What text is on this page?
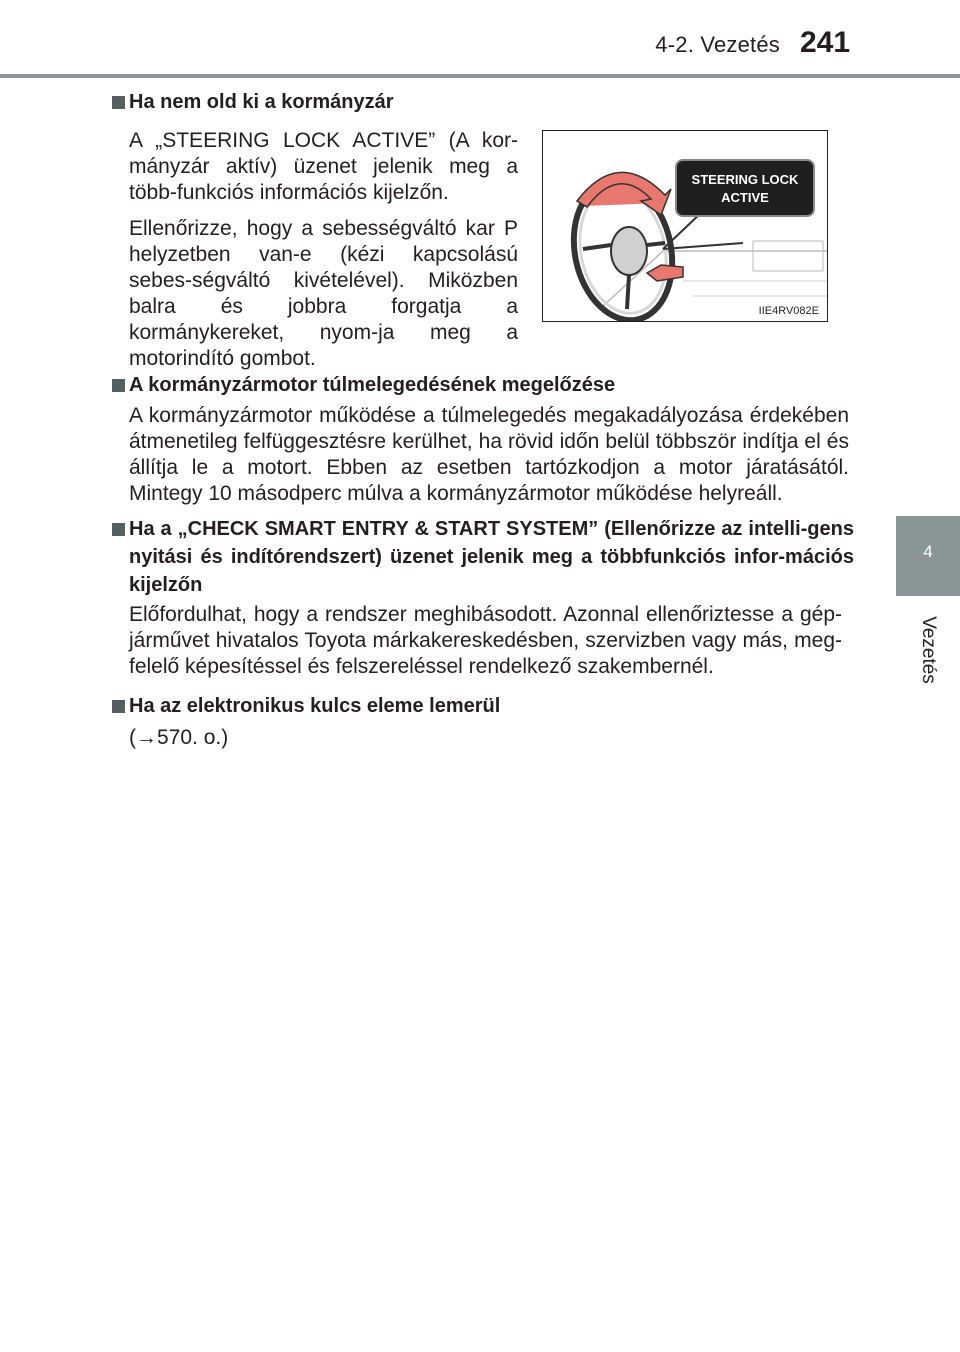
4-2. Vezetés 241
4
Vezetés
Ha nem old ki a kormányzár
A „STEERING LOCK ACTIVE” (A kor-mányzár aktív) üzenet jelenik meg a több-funkciós információs kijelzőn.
Ellenőrizze, hogy a sebességváltó kar P helyzetben van-e (kézi kapcsolású sebes-ségváltó kivételével). Miközben balra és jobbra forgatja a kormánykereket, nyom-ja meg a motorindító gombot.
STEERING LOCK
ACTIVE
IIE4RV082E
A kormányzármotor túlmelegedésének megelőzése
A kormányzármotor működése a túlmelegedés megakadályozása érdekében átmenetileg felfüggesztésre kerülhet, ha rövid időn belül többször indítja el és állítja le a motort. Ebben az esetben tartózkodjon a motor járatásától. Mintegy 10 másodperc múlva a kormányzármotor működése helyreáll.
Ha a „CHECK SMART ENTRY & START SYSTEM” (Ellenőrizze az intelli-gens nyitási és indítórendszert) üzenet jelenik meg a többfunkciós infor-mációs kijelzőn
Előfordulhat, hogy a rendszer meghibásodott. Azonnal ellenőriztesse a gép-járművet hivatalos Toyota márkakereskedésben, szervizben vagy más, meg-felelő képesítéssel és felszereléssel rendelkező szakembernél.
Ha az elektronikus kulcs eleme lemerül
(→570. o.)
